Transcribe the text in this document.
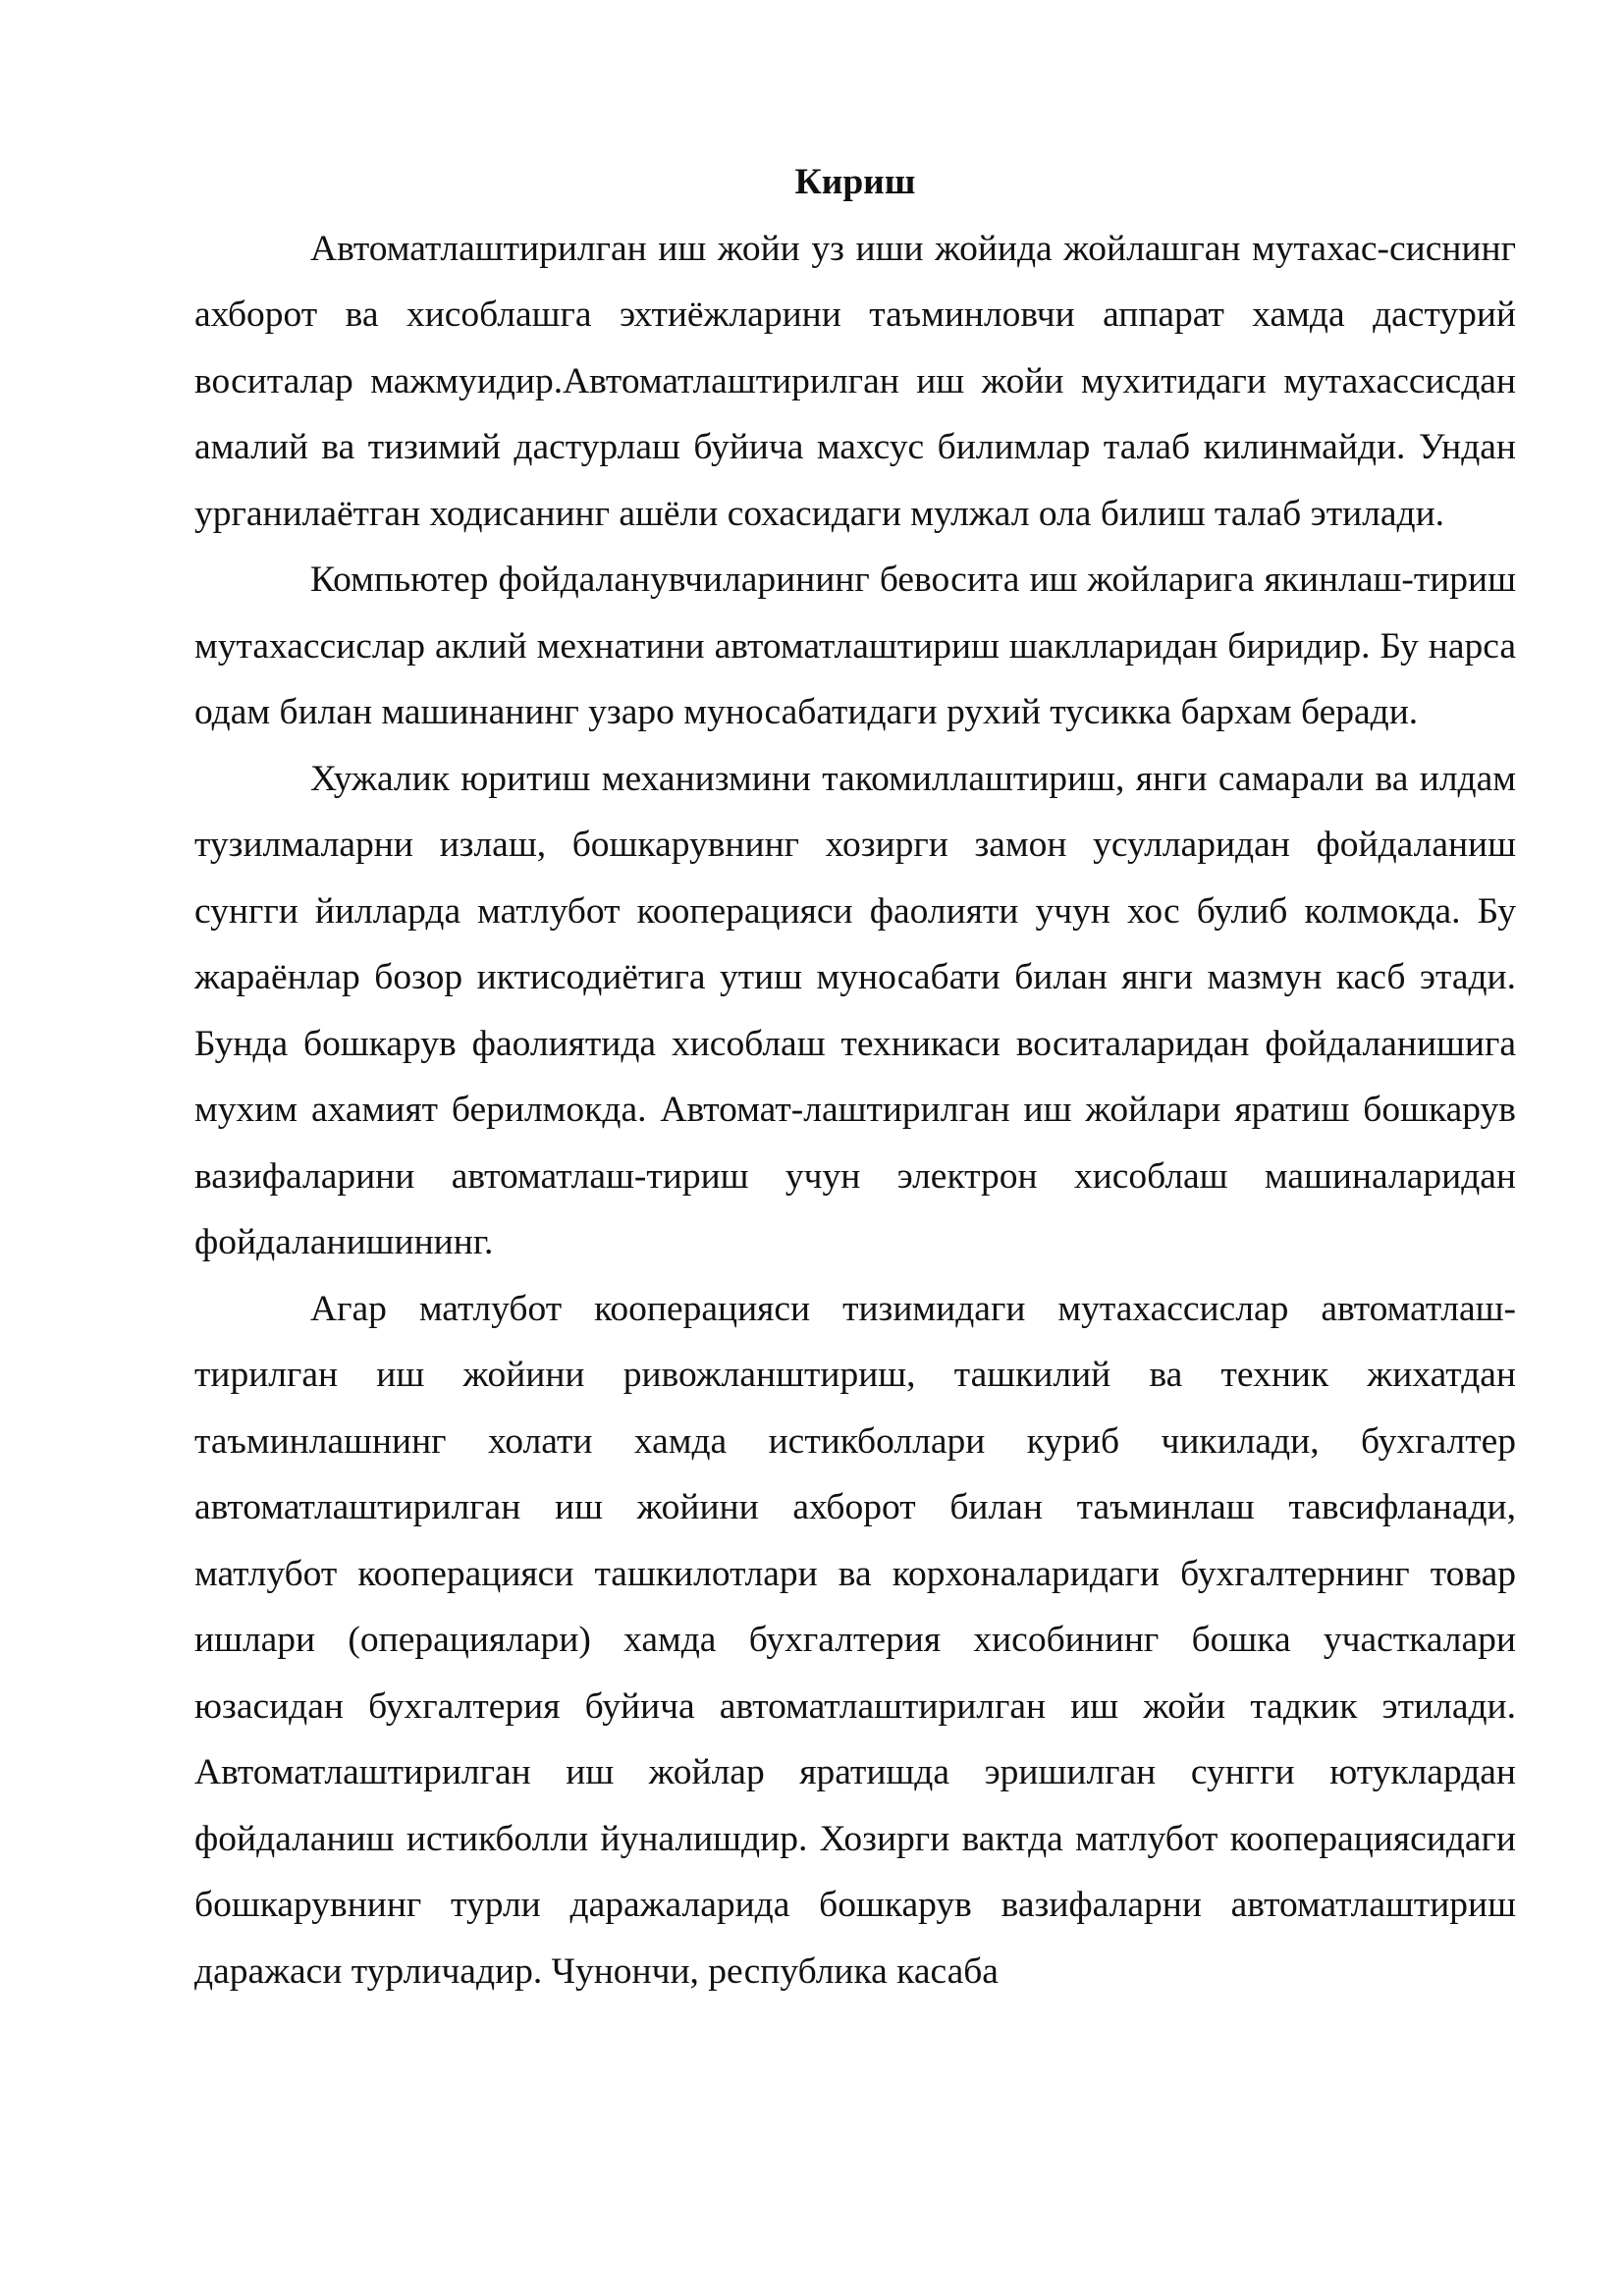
Кириш

Автоматлаштирилган иш жойи уз иши жойида жойлашган мутахас-сиснинг ахборот ва хисоблашга эхтиёжларини таъминловчи аппарат хамда дастурий воситалар мажмуидир.Автоматлаштирилган иш жойи мухитидаги мутахассисдан амалий ва тизимий дастурлаш буйича махсус билимлар талаб килинмайди. Ундан урганилаётган ходисанинг ашёли сохасидаги мулжал ола билиш талаб этилади.

Компьютер фойдаланувчиларининг бевосита иш жойларига якинлаш-тириш мутахассислар аклий мехнатини автоматлаштириш шаклларидан биридир. Бу нарса одам билан машинанинг узаро муносабатидаги рухий тусикка бархам беради.

Хужалик юритиш механизмини такомиллаштириш, янги самарали ва илдам тузилмаларни излаш, бошкарувнинг хозирги замон усулларидан фойдаланиш сунгги йилларда матлубот кооперацияси фаолияти учун хос булиб колмокда. Бу жараёнлар бозор иктисодиётига утиш муносабати билан янги мазмун касб этади. Бунда бошкарув фаолиятида хисоблаш техникаси воситаларидан фойдаланишига мухим ахамият берилмокда. Автомат-лаштирилган иш жойлари яратиш бошкарув вазифаларини автоматлаш-тириш учун электрон хисоблаш машиналаридан фойдаланишининг.

Агар матлубот кооперацияси тизимидаги мутахассислар автоматлаш-тирилган иш жойини ривожланштириш, ташкилий ва техник жихатдан таъминлашнинг холати хамда истикболлари куриб чикилади, бухгалтер автоматлаштирилган иш жойини ахборот билан таъминлаш тавсифланади, матлубот кооперацияси ташкилотлари ва корхоналаридаги бухгалтернинг товар ишлари (операциялари) хамда бухгалтерия хисобининг бошка участкалари юзасидан бухгалтерия буйича автоматлаштирилган иш жойи тадкик этилади. Автоматлаштирилган иш жойлар яратишда эришилган сунгги ютуклардан фойдаланиш истикболли йуналишдир. Хозирги вактда матлубот кооперациясидаги бошкарувнинг турли даражаларида бошкарув вазифаларни автоматлаштириш даражаси турличадир. Чунончи, республика касаба
